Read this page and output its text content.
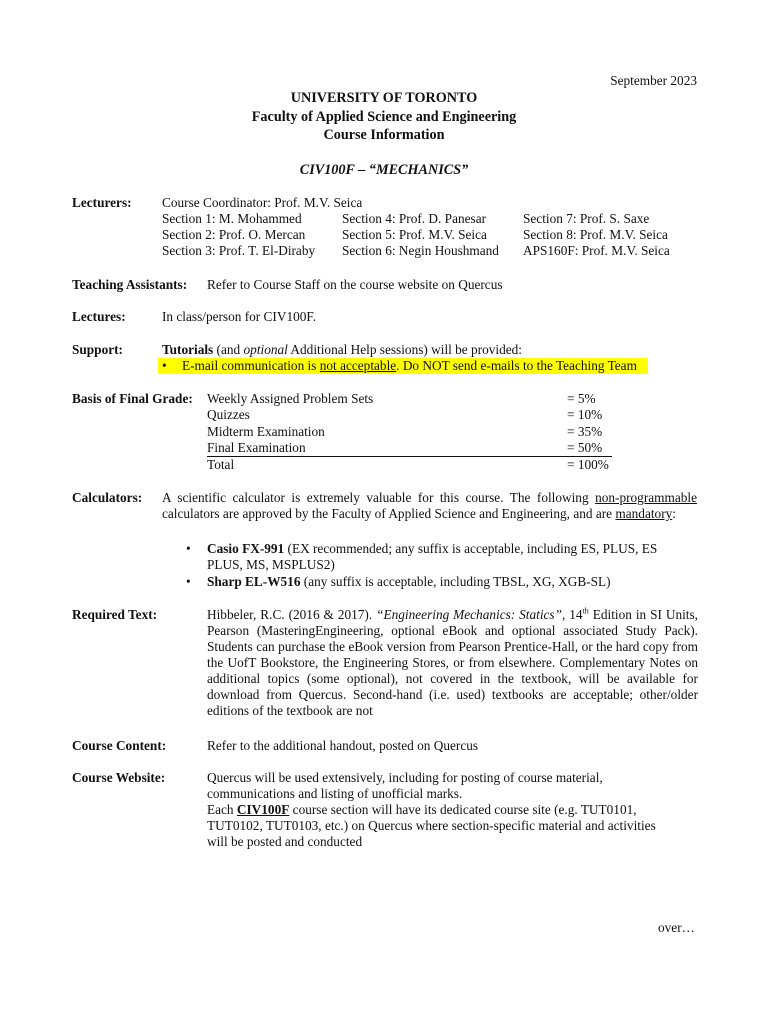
September 2023
UNIVERSITY OF TORONTO
Faculty of Applied Science and Engineering
Course Information
CIV100F – “MECHANICS”
Lecturers: Course Coordinator: Prof. M.V. Seica
Section 1: M. Mohammed	Section 4: Prof. D. Panesar	Section 7: Prof. S. Saxe
Section 2: Prof. O. Mercan	Section 5: Prof. M.V. Seica	Section 8: Prof. M.V. Seica
Section 3: Prof. T. El-Diraby Section 6: Negin Houshmand APS160F: Prof. M.V. Seica
Teaching Assistants: Refer to Course Staff on the course website on Quercus
Lectures:	In class/person for CIV100F.
Support:	Tutorials (and optional Additional Help sessions) will be provided:
• E-mail communication is not acceptable. Do NOT send e-mails to the Teaching Team
Basis of Final Grade: Weekly Assigned Problem Sets	= 5%
Quizzes	= 10%
Midterm Examination	= 35%
Final Examination	= 50%
Total	= 100%
Calculators: A scientific calculator is extremely valuable for this course. The following non-programmable calculators are approved by the Faculty of Applied Science and Engineering, and are mandatory:
• Casio FX-991 (EX recommended; any suffix is acceptable, including ES, PLUS, ES PLUS, MS, MSPLUS2)
• Sharp EL-W516 (any suffix is acceptable, including TBSL, XG, XGB-SL)
Required Text:	Hibbeler, R.C. (2016 & 2017). “Engineering Mechanics: Statics”, 14th Edition in SI Units, Pearson (MasteringEngineering, optional eBook and optional associated Study Pack). Students can purchase the eBook version from Pearson Prentice-Hall, or the hard copy from the UofT Bookstore, the Engineering Stores, or from elsewhere. Complementary Notes on additional topics (some optional), not covered in the textbook, will be available for download from Quercus. Second-hand (i.e. used) textbooks are acceptable; other/older editions of the textbook are not
Course Content:	Refer to the additional handout, posted on Quercus
Course Website:	Quercus will be used extensively, including for posting of course material,
communications and listing of unofficial marks.
Each CIV100F course section will have its dedicated course site (e.g. TUT0101, TUT0102, TUT0103, etc.) on Quercus where section-specific material and activities will be posted and conducted
over…
